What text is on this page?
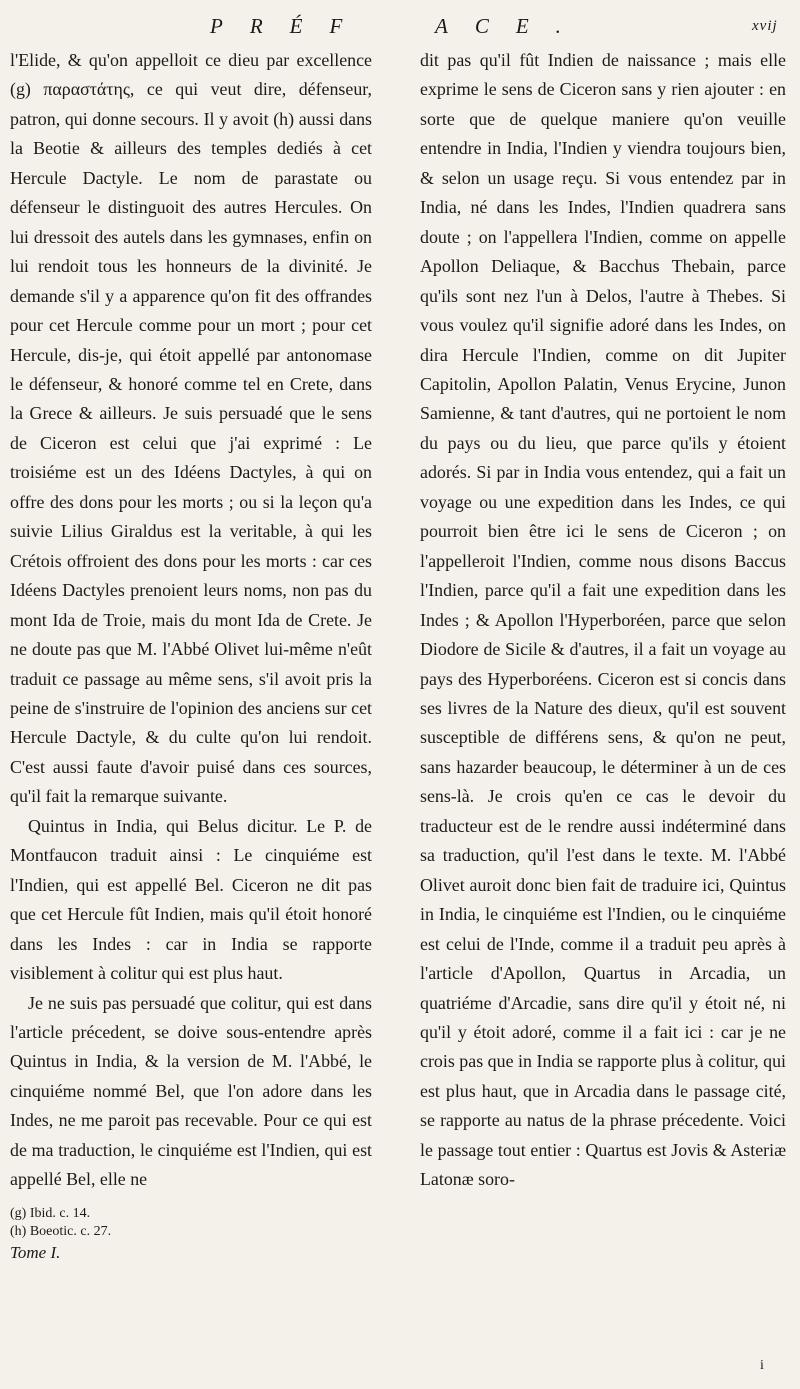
PRÉF	ACE.	xvij

l'Elide, & qu'on appelloit ce dieu par excellence (g) παραστάτης, ce qui veut dire, défenseur, patron, qui donne secours. Il y avoit (h) aussi dans la Beotie & ailleurs des temples dediés à cet Hercule Dactyle. Le nom de parastate ou défenseur le distinguoit des autres Hercules. On lui dressoit des autels dans les gymnases, enfin on lui rendoit tous les honneurs de la divinité. Je demande s'il y a apparence qu'on fit des offrandes pour cet Hercule comme pour un mort ; pour cet Hercule, dis-je, qui étoit appellé par antonomase le défenseur, & honoré comme tel en Crete, dans la Grece & ailleurs. Je suis persuadé que le sens de Ciceron est celui que j'ai exprimé : Le troisiéme est un des Idéens Dactyles, à qui on offre des dons pour les morts ; ou si la leçon qu'a suivie Lilius Giraldus est la veritable, à qui les Crétois offroient des dons pour les morts : car ces Idéens Dactyles prenoient leurs noms, non pas du mont Ida de Troie, mais du mont Ida de Crete. Je ne doute pas que M. l'Abbé Olivet lui-même n'eût traduit ce passage au même sens, s'il avoit pris la peine de s'instruire de l'opinion des anciens sur cet Hercule Dactyle, & du culte qu'on lui rendoit. C'est aussi faute d'avoir puisé dans ces sources, qu'il fait la remarque suivante.

Quintus in India, qui Belus dicitur. Le P. de Montfaucon traduit ainsi : Le cinquiéme est l'Indien, qui est appellé Bel. Ciceron ne dit pas que cet Hercule fût Indien, mais qu'il étoit honoré dans les Indes : car in India se rapporte visiblement à colitur qui est plus haut.

Je ne suis pas persuadé que colitur, qui est dans l'article précedent, se doive sous-entendre après Quintus in India, & la version de M. l'Abbé, le cinquiéme nommé Bel, que l'on adore dans les Indes, ne me paroit pas recevable. Pour ce qui est de ma traduction, le cinquiéme est l'Indien, qui est appellé Bel, elle ne

(g) Ibid. c. 14.
(h) Boeotic. c. 27.
Tome I.

dit pas qu'il fût Indien de naissance ; mais elle exprime le sens de Ciceron sans y rien ajouter : en sorte que de quelque maniere qu'on veuille entendre in India, l'Indien y viendra toujours bien, & selon un usage reçu. Si vous entendez par in India, né dans les Indes, l'Indien quadrera sans doute ; on l'appellera l'Indien, comme on appelle Apollon Deliaque, & Bacchus Thebain, parce qu'ils sont nez l'un à Delos, l'autre à Thebes. Si vous voulez qu'il signifie adoré dans les Indes, on dira Hercule l'Indien, comme on dit Jupiter Capitolin, Apollon Palatin, Venus Erycine, Junon Samienne, & tant d'autres, qui ne portoient le nom du pays ou du lieu, que parce qu'ils y étoient adorés. Si par in India vous entendez, qui a fait un voyage ou une expedition dans les Indes, ce qui pourroit bien être ici le sens de Ciceron ; on l'appelleroit l'Indien, comme nous disons Baccus l'Indien, parce qu'il a fait une expedition dans les Indes ; & Apollon l'Hyperboréen, parce que selon Diodore de Sicile & d'autres, il a fait un voyage au pays des Hyperboréens. Ciceron est si concis dans ses livres de la Nature des dieux, qu'il est souvent susceptible de différens sens, & qu'on ne peut, sans hazarder beaucoup, le déterminer à un de ces sens-là. Je crois qu'en ce cas le devoir du traducteur est de le rendre aussi indéterminé dans sa traduction, qu'il l'est dans le texte. M. l'Abbé Olivet auroit donc bien fait de traduire ici, Quintus in India, le cinquiéme est l'Indien, ou le cinquiéme est celui de l'Inde, comme il a traduit peu après à l'article d'Apollon, Quartus in Arcadia, un quatriéme d'Arcadie, sans dire qu'il y étoit né, ni qu'il y étoit adoré, comme il a fait ici : car je ne crois pas que in India se rapporte plus à colitur, qui est plus haut, que in Arcadia dans le passage cité, se rapporte au natus de la phrase précedente. Voici le passage tout entier : Quartus est Jovis & Asteriæ Latonæ soro-

i
